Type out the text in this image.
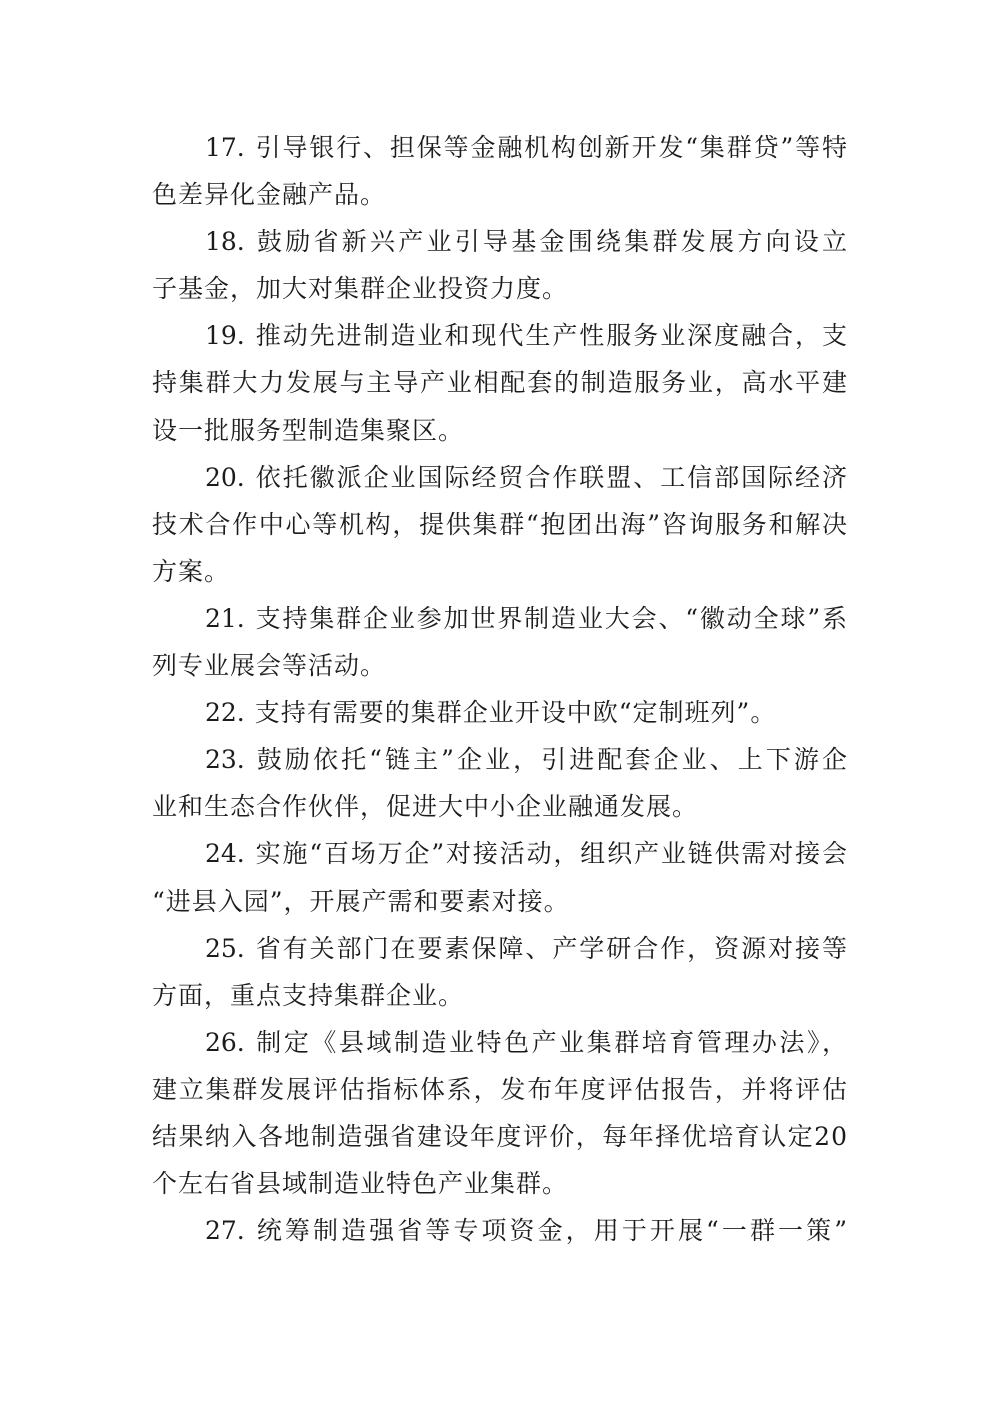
17. 引导银行、担保等金融机构创新开发“集群贷”等特
色差异化金融产品。
18. 鼓励省新兴产业引导基金围绕集群发展方向设立
子基金，加大对集群企业投资力度。
19. 推动先进制造业和现代生产性服务业深度融合，支
持集群大力发展与主导产业相配套的制造服务业，高水平建
设一批服务型制造集聚区。
20. 依托徽派企业国际经贸合作联盟、工信部国际经济
技术合作中心等机构，提供集群“抱团出海”咨询服务和解决
方案。
21. 支持集群企业参加世界制造业大会、“徽动全球”系
列专业展会等活动。
22. 支持有需要的集群企业开设中欧“定制班列”。
23. 鼓励依托“链主”企业，引进配套企业、上下游企
业和生态合作伙伴，促进大中小企业融通发展。
24. 实施“百场万企”对接活动，组织产业链供需对接会
“进县入园”，开展产需和要素对接。
25. 省有关部门在要素保障、产学研合作，资源对接等
方面，重点支持集群企业。
26. 制定《县域制造业特色产业集群培育管理办法》，
建立集群发展评估指标体系，发布年度评估报告，并将评估
结果纳入各地制造强省建设年度评价，每年择优培育认定20
个左右省县域制造业特色产业集群。
27. 统筹制造强省等专项资金，用于开展“一群一策”
